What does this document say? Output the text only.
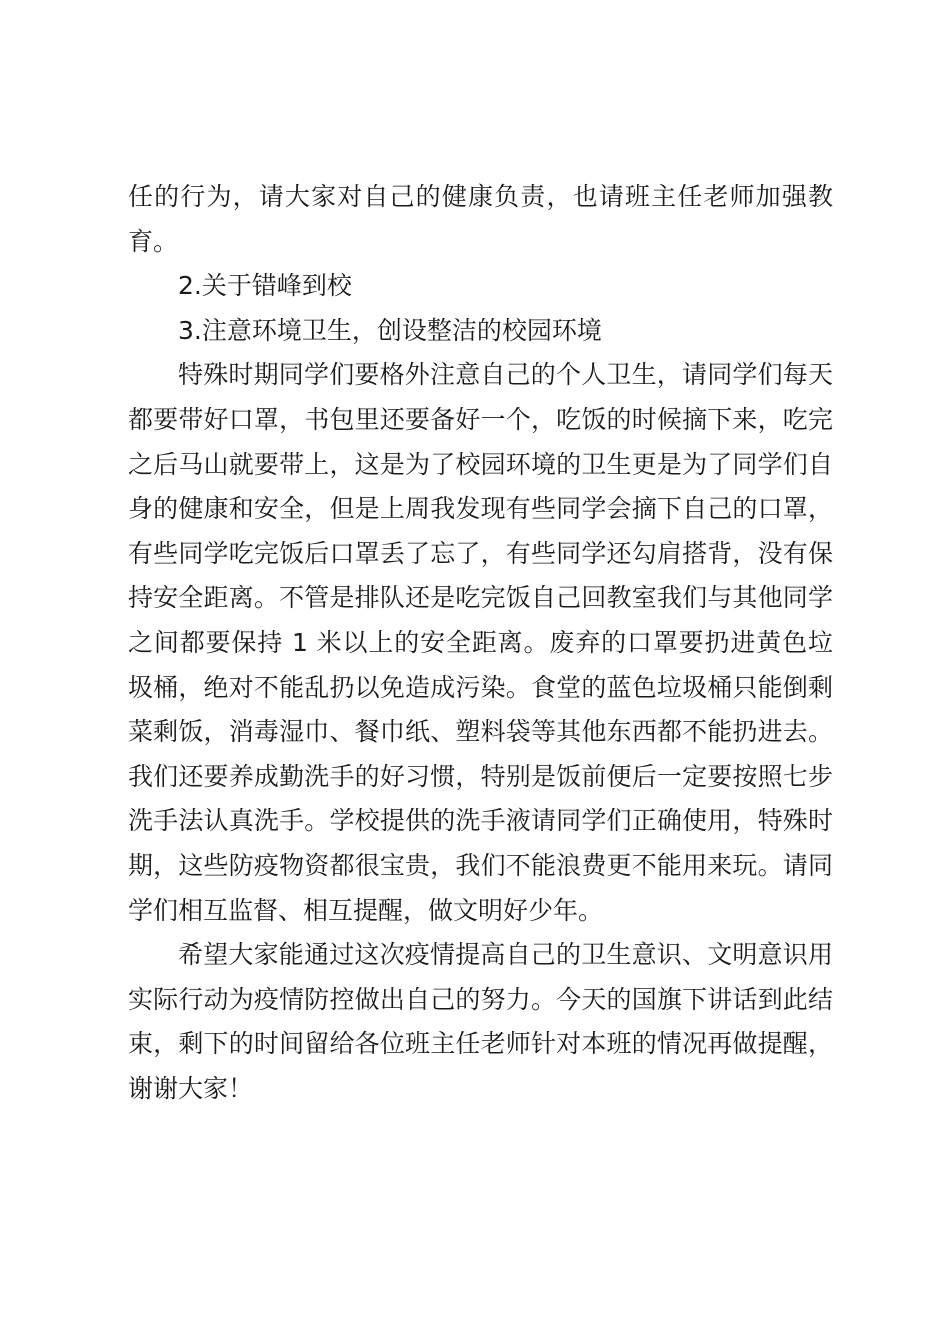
任的行为，请大家对自己的健康负责，也请班主任老师加强教育。

2.关于错峰到校

3.注意环境卫生，创设整洁的校园环境

特殊时期同学们要格外注意自己的个人卫生，请同学们每天都要带好口罩，书包里还要备好一个，吃饭的时候摘下来，吃完之后马山就要带上，这是为了校园环境的卫生更是为了同学们自身的健康和安全，但是上周我发现有些同学会摘下自己的口罩，有些同学吃完饭后口罩丢了忘了，有些同学还勾肩搭背，没有保持安全距离。不管是排队还是吃完饭自己回教室我们与其他同学之间都要保持 1 米以上的安全距离。废弃的口罩要扔进黄色垃圾桶，绝对不能乱扔以免造成污染。食堂的蓝色垃圾桶只能倒剩菜剩饭，消毒湿巾、餐巾纸、塑料袋等其他东西都不能扔进去。我们还要养成勤洗手的好习惯，特别是饭前便后一定要按照七步洗手法认真洗手。学校提供的洗手液请同学们正确使用，特殊时期，这些防疫物资都很宝贵，我们不能浪费更不能用来玩。请同学们相互监督、相互提醒，做文明好少年。

希望大家能通过这次疫情提高自己的卫生意识、文明意识用实际行动为疫情防控做出自己的努力。今天的国旗下讲话到此结束，剩下的时间留给各位班主任老师针对本班的情况再做提醒，谢谢大家！
